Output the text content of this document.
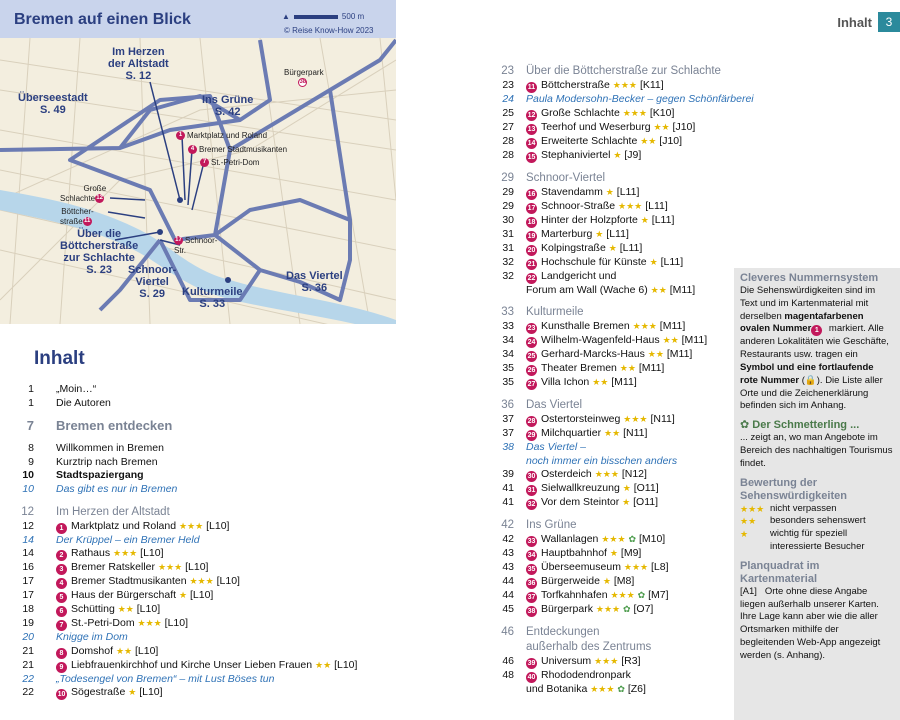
Bremen auf einen Blick	▲	500 m
© Reise Know-How 2023
Im Herzen
der Altstadt
S. 12
Überseestadt
S. 49
Ins Grüne
S. 42
Über die
Böttcherstraße
zur Schlachte
S. 23	Schnoor-
Viertel
S. 29	Kulturmeile
S. 33
Das Viertel
S. 36
1 Marktplatz und Roland
4 Bremer Stadtmusikanten
7 St.-Petri-Dom
Große
Schlachte12
Böttcher-
straße11
17 Schnoor-
Str.
Bürgerpark
38
Inhalt	3
Inhalt
1	„Moin…“
1	Die Autoren
7	Bremen entdecken
8	Willkommen in Bremen
9	Kurztrip nach Bremen
10	Stadtspaziergang
10	Das gibt es nur in Bremen
12	Im Herzen der Altstadt
12	1 Marktplatz und Roland ★★★ [L10]
14	Der Krüppel – ein Bremer Held
14	2 Rathaus ★★★ [L10]
16	3 Bremer Ratskeller ★★★ [L10]
17	4 Bremer Stadtmusikanten ★★★ [L10]
17	5 Haus der Bürgerschaft ★ [L10]
18	6 Schütting ★★ [L10]
19	7 St.-Petri-Dom ★★★ [L10]
20	Knigge im Dom
21	8 Domshof ★★ [L10]
21	9 Liebfrauenkirchhof und Kirche Unser Lieben Frauen ★★ [L10]
22	„Todesengel von Bremen“ – mit Lust Böses tun
22	10 Sögestraße ★ [L10]
23	Über die Böttcherstraße zur Schlachte
23	11 Böttcherstraße ★★★ [K11]
24	Paula Modersohn-Becker – gegen Schönfärberei
25	12 Große Schlachte ★★★ [K10]
27	13 Teerhof und Weserburg ★★ [J10]
28	14 Erweiterte Schlachte ★★ [J10]
28	15 Stephaniviertel ★ [J9]
29	Schnoor-Viertel
29	16 Stavendamm ★ [L11]
29	17 Schnoor-Straße ★★★ [L11]
30	18 Hinter der Holzpforte ★ [L11]
31	19 Marterburg ★ [L11]
31	20 Kolpingstraße ★ [L11]
32	21 Hochschule für Künste ★ [L11]
32	22 Landgericht und
Forum am Wall (Wache 6) ★★ [M11]
33	Kulturmeile
33	23 Kunsthalle Bremen ★★★ [M11]
34	24 Wilhelm-Wagenfeld-Haus ★★ [M11]
34	25 Gerhard-Marcks-Haus ★★ [M11]
35	26 Theater Bremen ★★ [M11]
35	27 Villa Ichon ★★ [M11]
36	Das Viertel
37	28 Ostertorsteinweg ★★★ [N11]
37	29 Milchquartier ★★ [N11]
38	Das Viertel –
noch immer ein bisschen anders
39	30 Osterdeich ★★★ [N12]
41	31 Sielwallkreuzung ★ [O11]
41	32 Vor dem Steintor ★ [O11]
42	Ins Grüne
42	33 Wallanlagen ★★★ ✿ [M10]
43	34 Hauptbahnhof ★ [M9]
43	35 Überseemuseum ★★★ [L8]
44	36 Bürgerweide ★ [M8]
44	37 Torfkahnhafen ★★★ ✿ [M7]
45	38 Bürgerpark ★★★ ✿ [O7]
46	Entdeckungen
außerhalb des Zentrums
46	39 Universum ★★★ [R3]
48	40 Rhododendronpark
und Botanika ★★★ ✿ [Z6]
Cleveres Nummernsystem

Die Sehenswürdigkeiten sind im Text und im Kartenmaterial mit derselben magentafarbenen ovalen Nummer 1 markiert. Alle anderen Lokalitäten wie Geschäfte, Restaurants usw. tragen ein Symbol und eine fortlaufende rote Nummer (🔒). Die Liste aller Orte und die Zeichenerklärung befinden sich im Anhang.

✿ Der Schmetterling ...

... zeigt an, wo man Angebote im Bereich des nachhaltigen Tourismus findet.

Bewertung der Sehenswürdigkeiten
★★★ nicht verpassen
★★	besonders sehenswert
★	wichtig für speziell interessierte Besucher
Planquadrat im Kartenmaterial

[A1] Orte ohne diese Angabe liegen außerhalb unserer Karten. Ihre Lage kann aber wie die aller Ortsmarken mithilfe der begleitenden Web-App angezeigt werden (s. Anhang).
